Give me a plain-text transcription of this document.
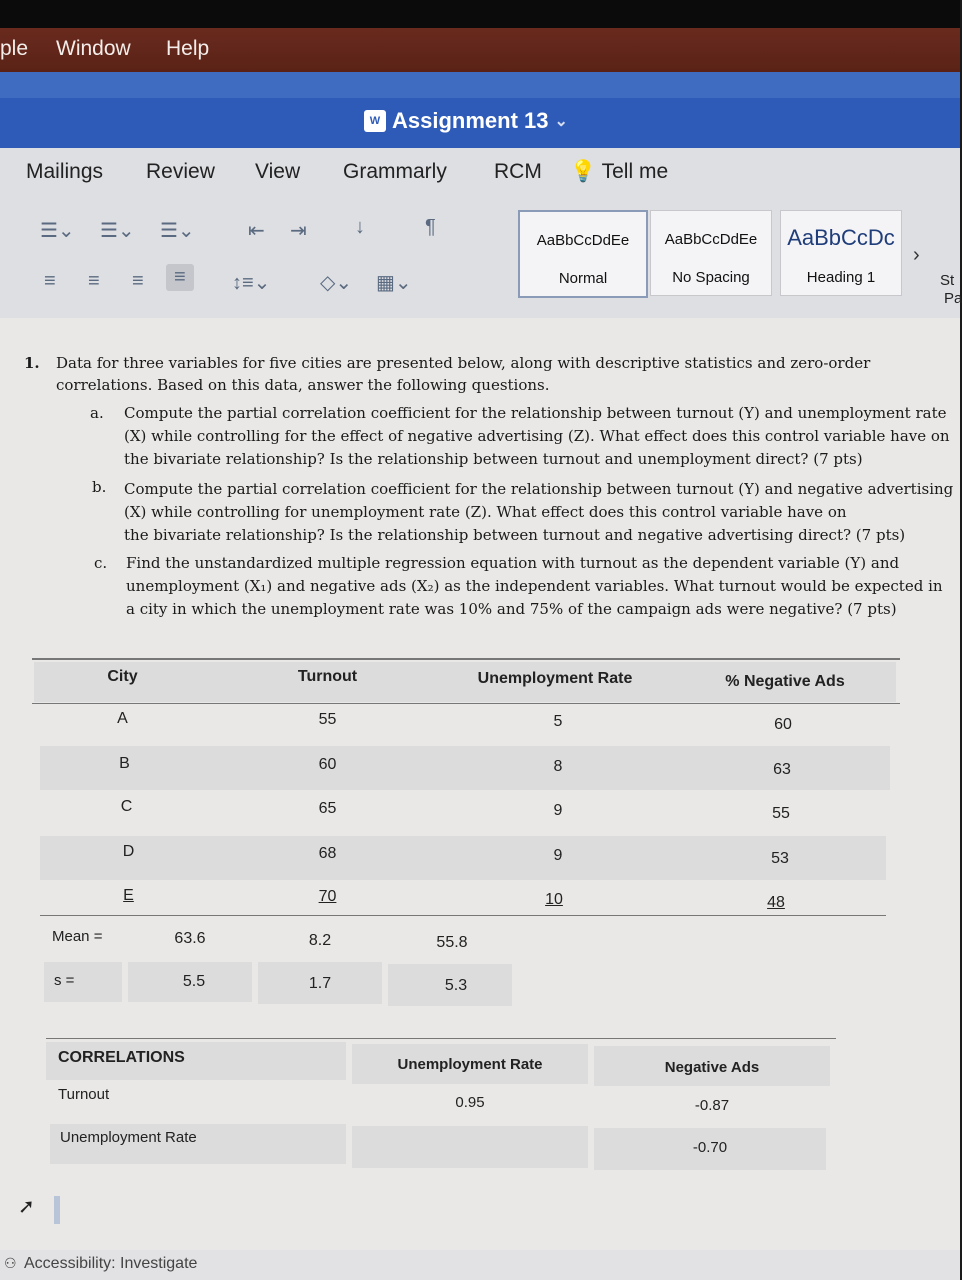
ple Window Help
W Assignment 13 ⌄
Mailings Review View Grammarly RCM 💡 Tell me
☰⌄ ☰⌄ ☰⌄	⇤ ⇥ ↓	¶
≡ ≡ ≡	≡	↕≡⌄ ◇⌄ ▦⌄
AaBbCcDdEe
Normal
AaBbCcDdEe
No Spacing
AaBbCcDc
Heading 1
›
St
Pa
1. Data for three variables for five cities are presented below, along with descriptive statistics and zero-order
correlations. Based on this data, answer the following questions.
a. Compute the partial correlation coefficient for the relationship between turnout (Y) and unemployment rate
(X) while controlling for the effect of negative advertising (Z). What effect does this control variable have on
the bivariate relationship? Is the relationship between turnout and unemployment direct? (7 pts)
b. Compute the partial correlation coefficient for the relationship between turnout (Y) and negative advertising
(X) while controlling for unemployment rate (Z). What effect does this control variable have on
the bivariate relationship? Is the relationship between turnout and negative advertising direct? (7 pts)
c. Find the unstandardized multiple regression equation with turnout as the dependent variable (Y) and
unemployment (X₁) and negative ads (X₂) as the independent variables. What turnout would be expected in
a city in which the unemployment rate was 10% and 75% of the campaign ads were negative? (7 pts)
City	Turnout	Unemployment Rate	% Negative Ads
A	55	5	60
B	60	8	63
C	65	9	55
D	68	9	53
E	70	10	48
Mean =	63.6	8.2	55.8
s =	5.5	1.7	5.3
CORRELATIONS	Unemployment Rate	Negative Ads
Turnout	0.95	-0.87
Unemployment Rate
-0.70
➚
⚇ Accessibility: Investigate
